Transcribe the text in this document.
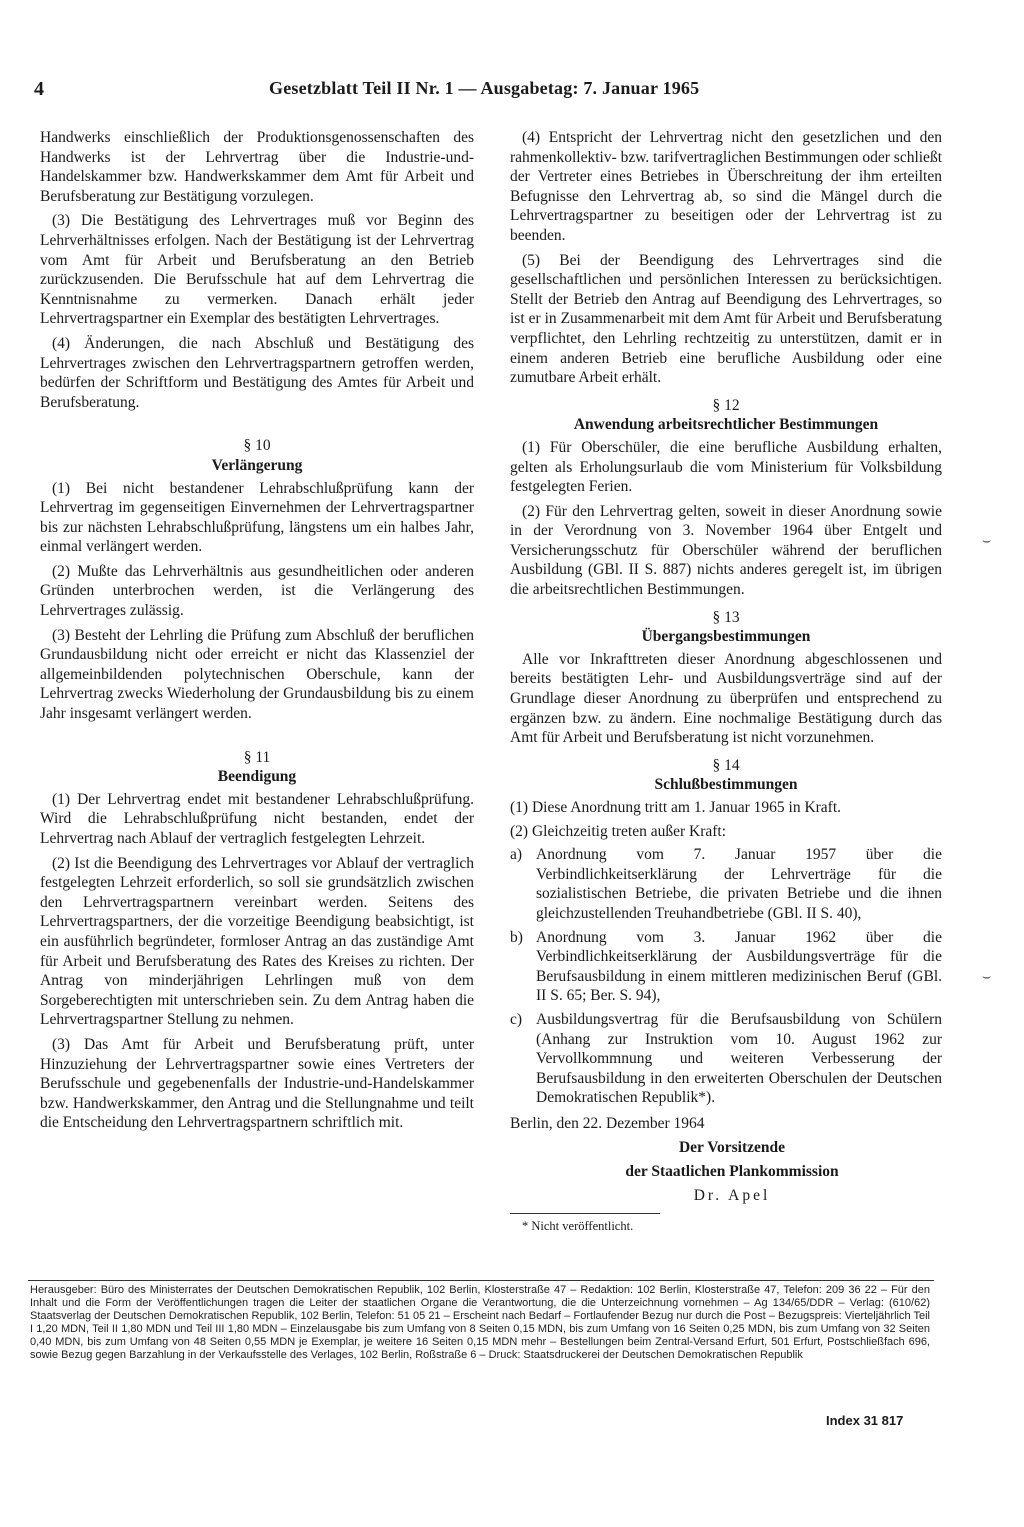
4	Gesetzblatt Teil II Nr. 1 — Ausgabetag: 7. Januar 1965

Handwerks einschließlich der Produktionsgenossenschaften des Handwerks ist der Lehrvertrag über die Industrie-und-Handelskammer bzw. Handwerkskammer dem Amt für Arbeit und Berufsberatung zur Bestätigung vorzulegen.

(3) Die Bestätigung des Lehrvertrages muß vor Beginn des Lehrverhältnisses erfolgen. Nach der Bestätigung ist der Lehrvertrag vom Amt für Arbeit und Berufsberatung an den Betrieb zurückzusenden. Die Berufsschule hat auf dem Lehrvertrag die Kenntnisnahme zu vermerken. Danach erhält jeder Lehrvertragspartner ein Exemplar des bestätigten Lehrvertrages.

(4) Änderungen, die nach Abschluß und Bestätigung des Lehrvertrages zwischen den Lehrvertragspartnern getroffen werden, bedürfen der Schriftform und Bestätigung des Amtes für Arbeit und Berufsberatung.

§ 10
Verlängerung

(1) Bei nicht bestandener Lehrabschlußprüfung kann der Lehrvertrag im gegenseitigen Einvernehmen der Lehrvertragspartner bis zur nächsten Lehrabschlußprüfung, längstens um ein halbes Jahr, einmal verlängert werden.

(2) Mußte das Lehrverhältnis aus gesundheitlichen oder anderen Gründen unterbrochen werden, ist die Verlängerung des Lehrvertrages zulässig.

(3) Besteht der Lehrling die Prüfung zum Abschluß der beruflichen Grundausbildung nicht oder erreicht er nicht das Klassenziel der allgemeinbildenden polytechnischen Oberschule, kann der Lehrvertrag zwecks Wiederholung der Grundausbildung bis zu einem Jahr insgesamt verlängert werden.

§ 11
Beendigung

(1) Der Lehrvertrag endet mit bestandener Lehrabschlußprüfung. Wird die Lehrabschlußprüfung nicht bestanden, endet der Lehrvertrag nach Ablauf der vertraglich festgelegten Lehrzeit.

(2) Ist die Beendigung des Lehrvertrages vor Ablauf der vertraglich festgelegten Lehrzeit erforderlich, so soll sie grundsätzlich zwischen den Lehrvertragspartnern vereinbart werden. Seitens des Lehrvertragspartners, der die vorzeitige Beendigung beabsichtigt, ist ein ausführlich begründeter, formloser Antrag an das zuständige Amt für Arbeit und Berufsberatung des Rates des Kreises zu richten. Der Antrag von minderjährigen Lehrlingen muß von dem Sorgeberechtigten mit unterschrieben sein. Zu dem Antrag haben die Lehrvertragspartner Stellung zu nehmen.

(3) Das Amt für Arbeit und Berufsberatung prüft, unter Hinzuziehung der Lehrvertragspartner sowie eines Vertreters der Berufsschule und gegebenenfalls der Industrie-und-Handelskammer bzw. Handwerkskammer, den Antrag und die Stellungnahme und teilt die Entscheidung den Lehrvertragspartnern schriftlich mit.

(4) Entspricht der Lehrvertrag nicht den gesetzlichen und den rahmenkollektiv- bzw. tarifvertraglichen Bestimmungen oder schließt der Vertreter eines Betriebes in Überschreitung der ihm erteilten Befugnisse den Lehrvertrag ab, so sind die Mängel durch die Lehrvertragspartner zu beseitigen oder der Lehrvertrag ist zu beenden.

(5) Bei der Beendigung des Lehrvertrages sind die gesellschaftlichen und persönlichen Interessen zu berücksichtigen. Stellt der Betrieb den Antrag auf Beendigung des Lehrvertrages, so ist er in Zusammenarbeit mit dem Amt für Arbeit und Berufsberatung verpflichtet, den Lehrling rechtzeitig zu unterstützen, damit er in einem anderen Betrieb eine berufliche Ausbildung oder eine zumutbare Arbeit erhält.

§ 12
Anwendung arbeitsrechtlicher Bestimmungen

(1) Für Oberschüler, die eine berufliche Ausbildung erhalten, gelten als Erholungsurlaub die vom Ministerium für Volksbildung festgelegten Ferien.

(2) Für den Lehrvertrag gelten, soweit in dieser Anordnung sowie in der Verordnung von 3. November 1964 über Entgelt und Versicherungsschutz für Oberschüler während der beruflichen Ausbildung (GBl. II S. 887) nichts anderes geregelt ist, im übrigen die arbeitsrechtlichen Bestimmungen.

§ 13
Übergangsbestimmungen

Alle vor Inkrafttreten dieser Anordnung abgeschlossenen und bereits bestätigten Lehr- und Ausbildungsverträge sind auf der Grundlage dieser Anordnung zu überprüfen und entsprechend zu ergänzen bzw. zu ändern. Eine nochmalige Bestätigung durch das Amt für Arbeit und Berufsberatung ist nicht vorzunehmen.

§ 14
Schlußbestimmungen

(1) Diese Anordnung tritt am 1. Januar 1965 in Kraft.

(2) Gleichzeitig treten außer Kraft:

a) Anordnung vom 7. Januar 1957 über die Verbindlichkeitserklärung der Lehrverträge für die sozialistischen Betriebe, die privaten Betriebe und die ihnen gleichzustellenden Treuhandbetriebe (GBl. II S. 40),
b) Anordnung vom 3. Januar 1962 über die Verbindlichkeitserklärung der Ausbildungsverträge für die Berufsausbildung in einem mittleren medizinischen Beruf (GBl. II S. 65; Ber. S. 94),
c) Ausbildungsvertrag für die Berufsausbildung von Schülern (Anhang zur Instruktion vom 10. August 1962 zur Vervollkommnung und weiteren Verbesserung der Berufsausbildung in den erweiterten Oberschulen der Deutschen Demokratischen Republik*).

Berlin, den 22. Dezember 1964

Der Vorsitzende

der Staatlichen Plankommission

Dr. Apel

* Nicht veröffentlicht.

⌣
⌣
Herausgeber: Büro des Ministerrates der Deutschen Demokratischen Republik, 102 Berlin, Klosterstraße 47 – Redaktion: 102 Berlin, Klosterstraße 47, Telefon: 209 36 22 – Für den Inhalt und die Form der Veröffentlichungen tragen die Leiter der staatlichen Organe die Verantwortung, die die Unterzeichnung vornehmen – Ag 134/65/DDR – Verlag: (610/62) Staatsverlag der Deutschen Demokratischen Republik, 102 Berlin, Telefon: 51 05 21 – Erscheint nach Bedarf – Fortlaufender Bezug nur durch die Post – Bezugspreis: Vierteljährlich Teil I 1,20 MDN, Teil II 1,80 MDN und Teil III 1,80 MDN – Einzelausgabe bis zum Umfang von 8 Seiten 0,15 MDN, bis zum Umfang von 16 Seiten 0,25 MDN, bis zum Umfang von 32 Seiten 0,40 MDN, bis zum Umfang von 48 Seiten 0,55 MDN je Exemplar, je weitere 16 Seiten 0,15 MDN mehr – Bestellungen beim Zentral-Versand Erfurt, 501 Erfurt, Postschließfach 696, sowie Bezug gegen Barzahlung in der Verkaufsstelle des Verlages, 102 Berlin, Roßstraße 6 – Druck: Staatsdruckerei der Deutschen Demokratischen Republik
Index 31 817
